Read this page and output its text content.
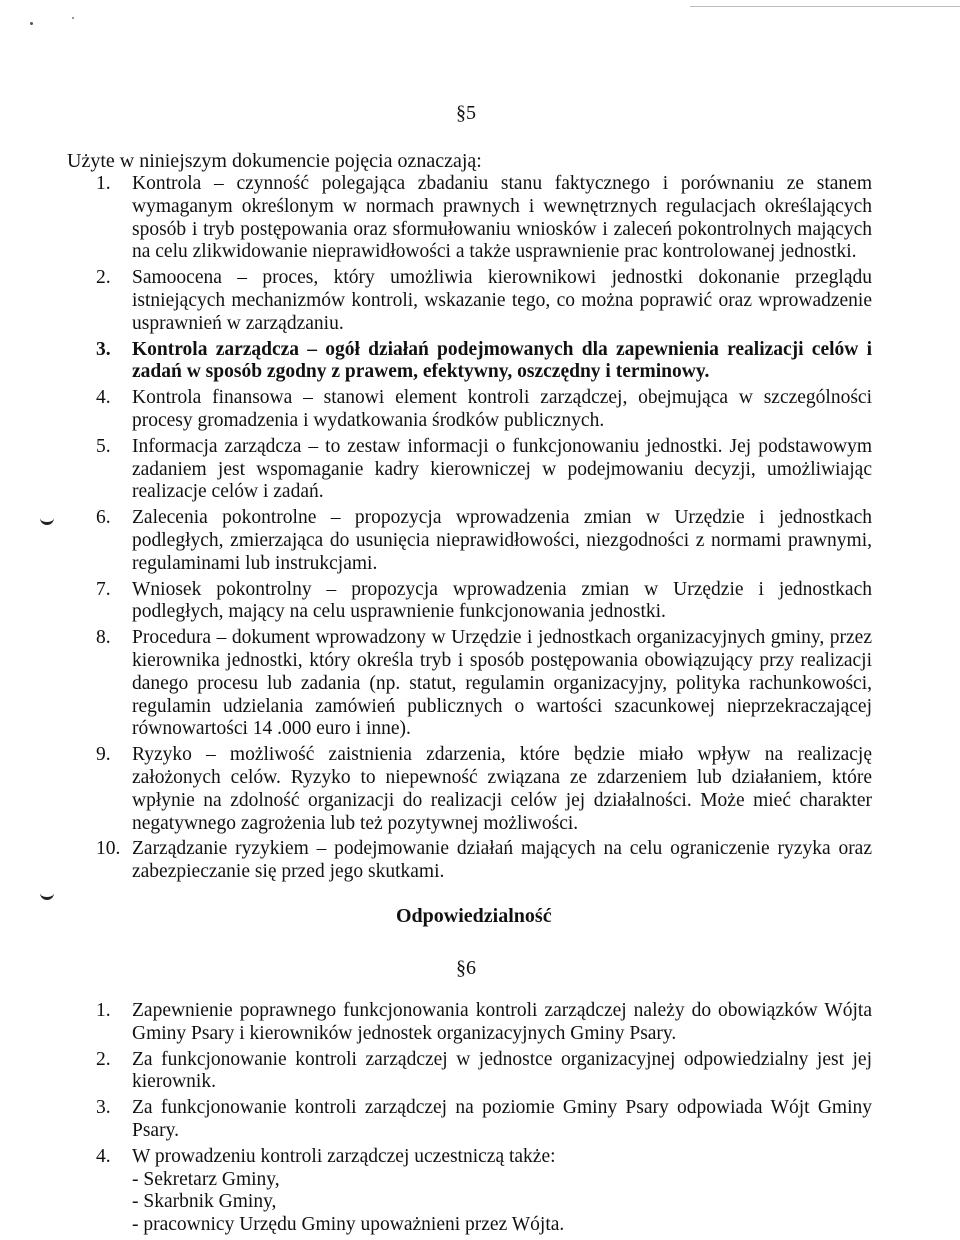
§5
Użyte w niniejszym dokumencie pojęcia oznaczają:
1. Kontrola – czynność polegająca zbadaniu stanu faktycznego i porównaniu ze stanem wymaganym określonym w normach prawnych i wewnętrznych regulacjach określających sposób i tryb postępowania oraz sformułowaniu wniosków i zaleceń pokontrolnych mających na celu zlikwidowanie nieprawidłowości a także usprawnienie prac kontrolowanej jednostki.
2. Samoocena – proces, który umożliwia kierownikowi jednostki dokonanie przeglądu istniejących mechanizmów kontroli, wskazanie tego, co można poprawić oraz wprowadzenie usprawnień w zarządzaniu.
3. Kontrola zarządcza – ogół działań podejmowanych dla zapewnienia realizacji celów i zadań w sposób zgodny z prawem, efektywny, oszczędny i terminowy.
4. Kontrola finansowa – stanowi element kontroli zarządczej, obejmująca w szczególności procesy gromadzenia i wydatkowania środków publicznych.
5. Informacja zarządcza – to zestaw informacji o funkcjonowaniu jednostki. Jej podstawowym zadaniem jest wspomaganie kadry kierowniczej w podejmowaniu decyzji, umożliwiając realizacje celów i zadań.
6. Zalecenia pokontrolne – propozycja wprowadzenia zmian w Urzędzie i jednostkach podległych, zmierzająca do usunięcia nieprawidłowości, niezgodności z normami prawnymi, regulaminami lub instrukcjami.
7. Wniosek pokontrolny – propozycja wprowadzenia zmian w Urzędzie i jednostkach podległych, mający na celu usprawnienie funkcjonowania jednostki.
8. Procedura – dokument wprowadzony w Urzędzie i jednostkach organizacyjnych gminy, przez kierownika jednostki, który określa tryb i sposób postępowania obowiązujący przy realizacji danego procesu lub zadania (np. statut, regulamin organizacyjny, polityka rachunkowości, regulamin udzielania zamówień publicznych o wartości szacunkowej nieprzekraczającej równowartości 14 .000 euro i inne).
9. Ryzyko – możliwość zaistnienia zdarzenia, które będzie miało wpływ na realizację założonych celów. Ryzyko to niepewność związana ze zdarzeniem lub działaniem, które wpłynie na zdolność organizacji do realizacji celów jej działalności. Może mieć charakter negatywnego zagrożenia lub też pozytywnej możliwości.
10. Zarządzanie ryzykiem – podejmowanie działań mających na celu ograniczenie ryzyka oraz zabezpieczanie się przed jego skutkami.
Odpowiedzialność
§6
1. Zapewnienie poprawnego funkcjonowania kontroli zarządczej należy do obowiązków Wójta Gminy Psary i kierowników jednostek organizacyjnych Gminy Psary.
2. Za funkcjonowanie kontroli zarządczej w jednostce organizacyjnej odpowiedzialny jest jej kierownik.
3. Za funkcjonowanie kontroli zarządczej na poziomie Gminy Psary odpowiada Wójt Gminy Psary.
4. W prowadzeniu kontroli zarządczej uczestniczą także:
- Sekretarz Gminy,
- Skarbnik Gminy,
- pracownicy Urzędu Gminy upoważnieni przez Wójta.
